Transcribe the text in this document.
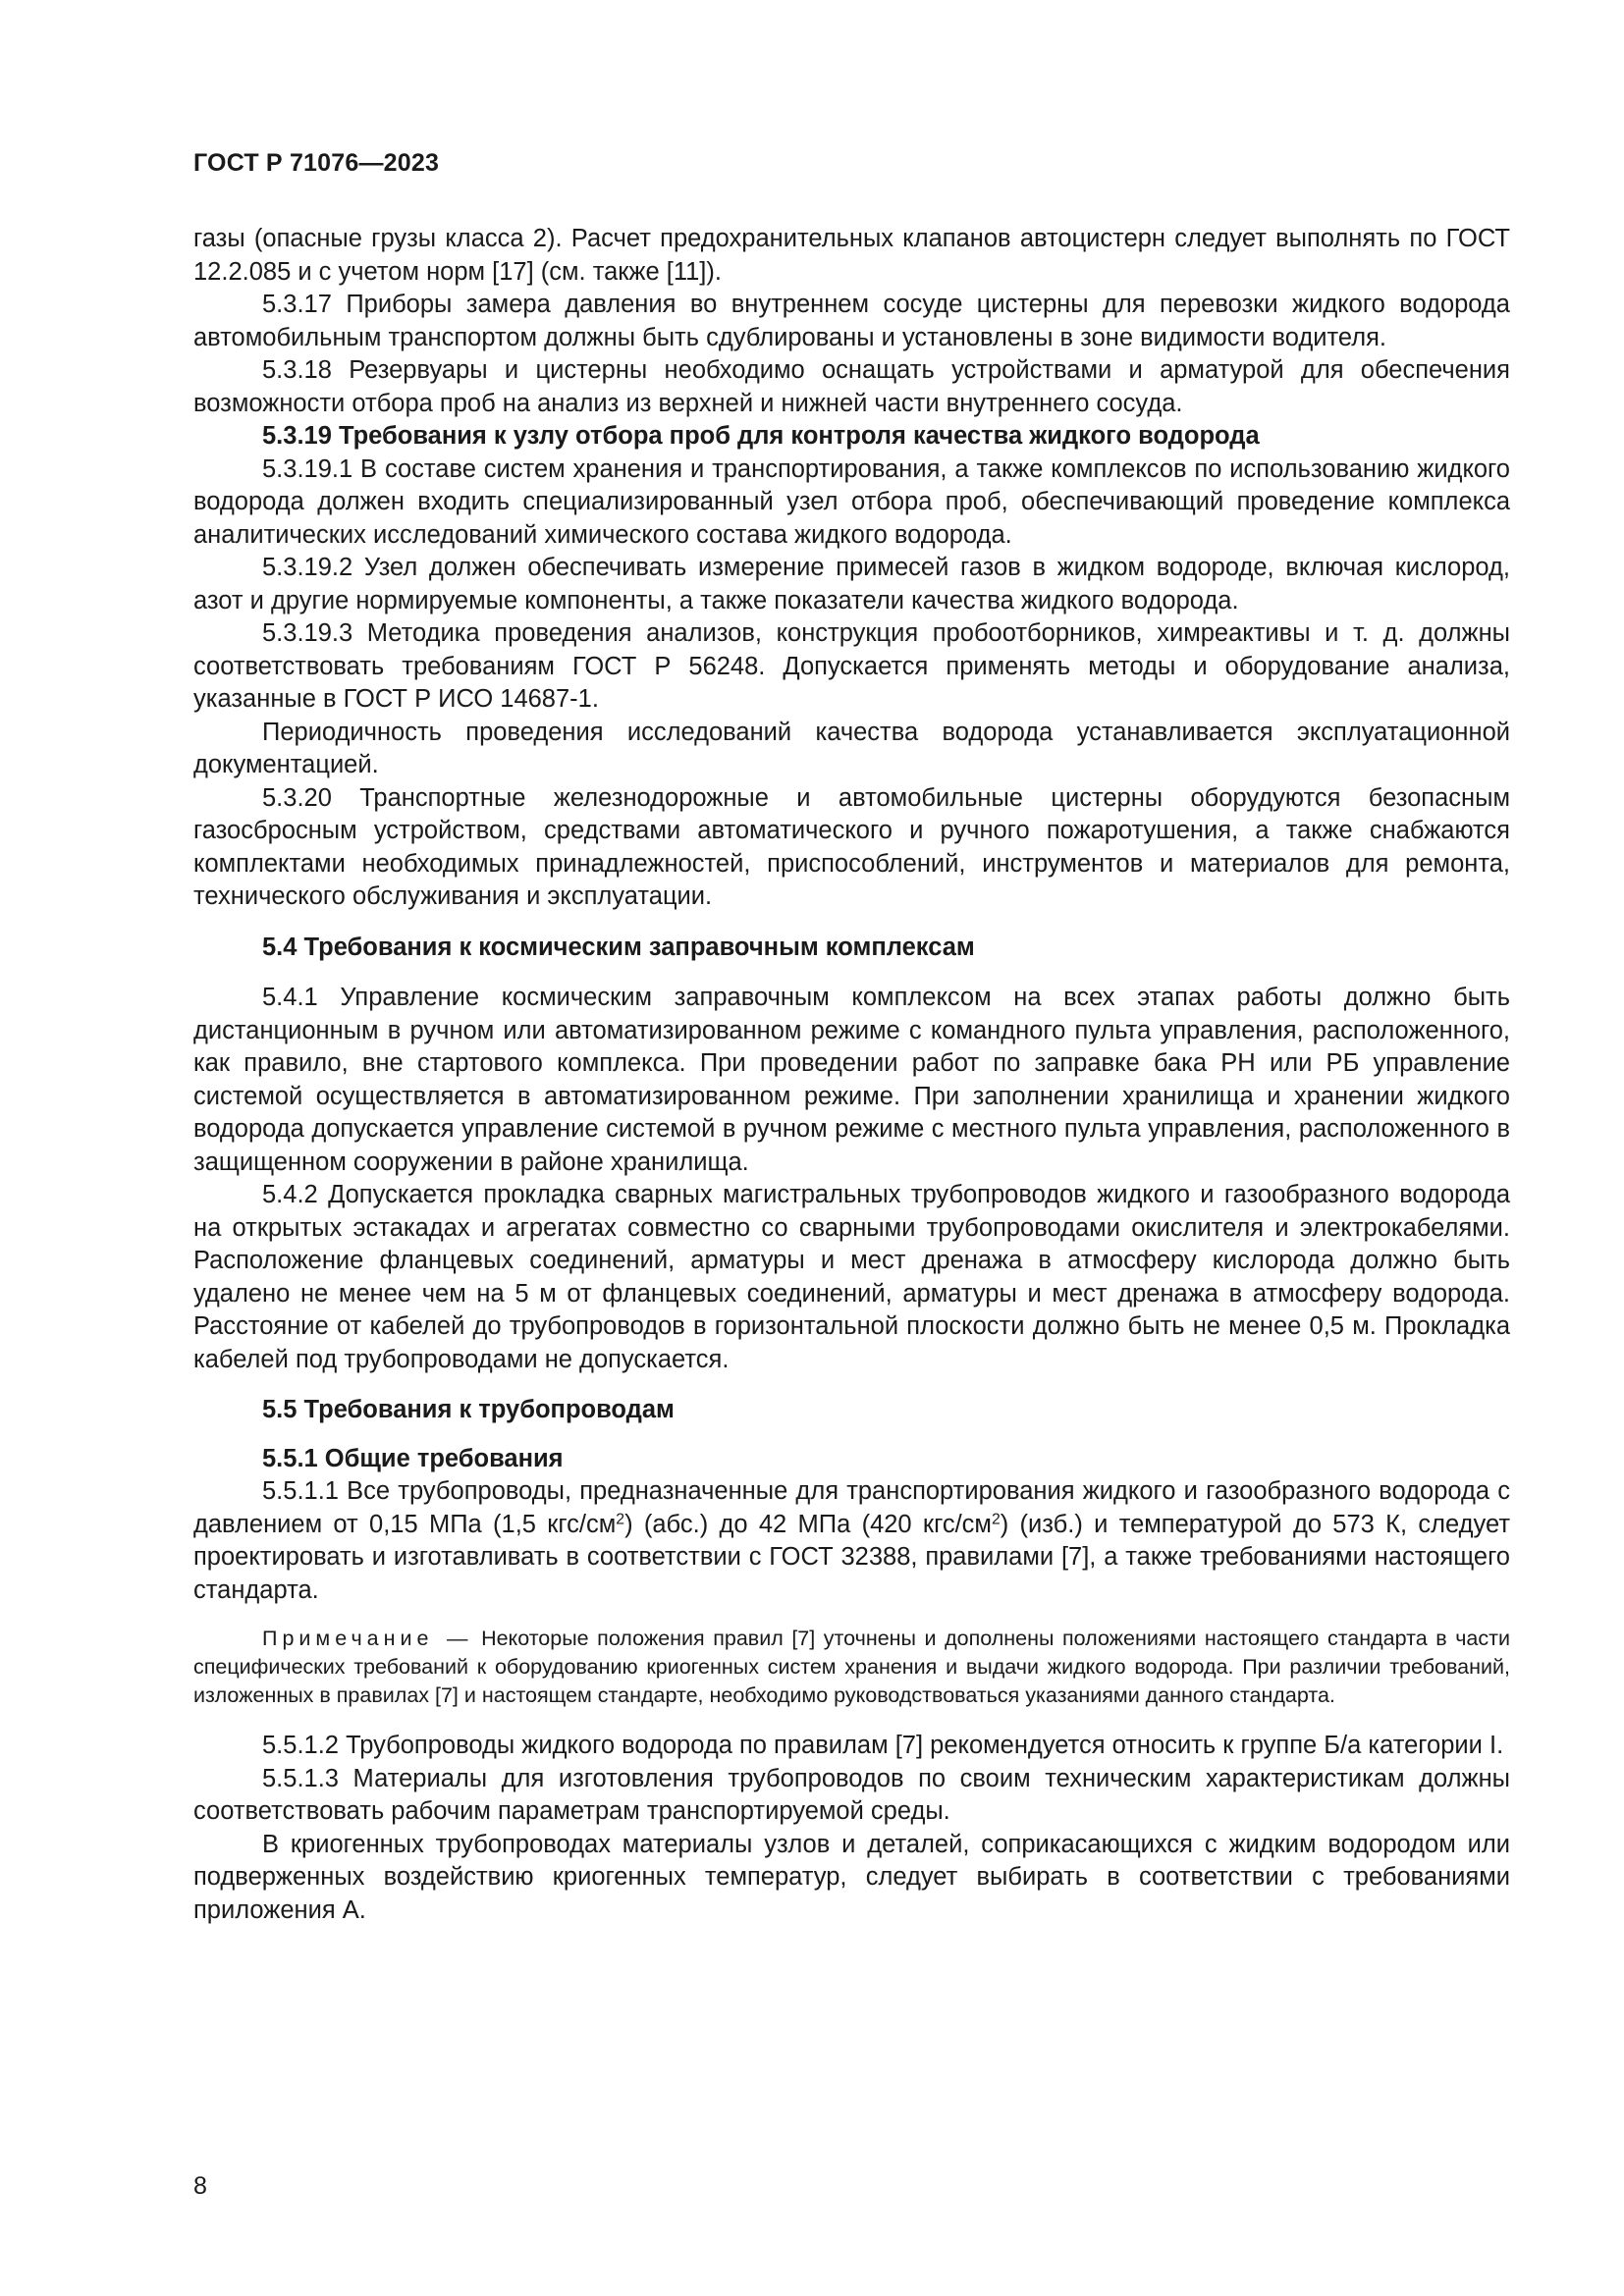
ГОСТ Р 71076—2023

газы (опасные грузы класса 2). Расчет предохранительных клапанов автоцистерн следует выполнять по ГОСТ 12.2.085 и с учетом норм [17] (см. также [11]).

5.3.17 Приборы замера давления во внутреннем сосуде цистерны для перевозки жидкого водорода автомобильным транспортом должны быть сдублированы и установлены в зоне видимости водителя.

5.3.18 Резервуары и цистерны необходимо оснащать устройствами и арматурой для обеспечения возможности отбора проб на анализ из верхней и нижней части внутреннего сосуда.

5.3.19 Требования к узлу отбора проб для контроля качества жидкого водорода

5.3.19.1 В составе систем хранения и транспортирования, а также комплексов по использованию жидкого водорода должен входить специализированный узел отбора проб, обеспечивающий проведение комплекса аналитических исследований химического состава жидкого водорода.

5.3.19.2 Узел должен обеспечивать измерение примесей газов в жидком водороде, включая кислород, азот и другие нормируемые компоненты, а также показатели качества жидкого водорода.

5.3.19.3 Методика проведения анализов, конструкция пробоотборников, химреактивы и т. д. должны соответствовать требованиям ГОСТ Р 56248. Допускается применять методы и оборудование анализа, указанные в ГОСТ Р ИСО 14687-1.

Периодичность проведения исследований качества водорода устанавливается эксплуатационной документацией.

5.3.20 Транспортные железнодорожные и автомобильные цистерны оборудуются безопасным газосбросным устройством, средствами автоматического и ручного пожаротушения, а также снабжаются комплектами необходимых принадлежностей, приспособлений, инструментов и материалов для ремонта, технического обслуживания и эксплуатации.

5.4 Требования к космическим заправочным комплексам

5.4.1 Управление космическим заправочным комплексом на всех этапах работы должно быть дистанционным в ручном или автоматизированном режиме с командного пульта управления, расположенного, как правило, вне стартового комплекса. При проведении работ по заправке бака РН или РБ управление системой осуществляется в автоматизированном режиме. При заполнении хранилища и хранении жидкого водорода допускается управление системой в ручном режиме с местного пульта управления, расположенного в защищенном сооружении в районе хранилища.

5.4.2 Допускается прокладка сварных магистральных трубопроводов жидкого и газообразного водорода на открытых эстакадах и агрегатах совместно со сварными трубопроводами окислителя и электрокабелями. Расположение фланцевых соединений, арматуры и мест дренажа в атмосферу кислорода должно быть удалено не менее чем на 5 м от фланцевых соединений, арматуры и мест дренажа в атмосферу водорода. Расстояние от кабелей до трубопроводов в горизонтальной плоскости должно быть не менее 0,5 м. Прокладка кабелей под трубопроводами не допускается.

5.5 Требования к трубопроводам

5.5.1 Общие требования

5.5.1.1 Все трубопроводы, предназначенные для транспортирования жидкого и газообразного водорода с давлением от 0,15 МПа (1,5 кгс/$см^2$) (абс.) до 42 МПа (420 кгс/$см^2$) (изб.) и температурой до 573 К, следует проектировать и изготавливать в соответствии с ГОСТ 32388, правилами [7], а также требованиями настоящего стандарта.

Примечание — Некоторые положения правил [7] уточнены и дополнены положениями настоящего стандарта в части специфических требований к оборудованию криогенных систем хранения и выдачи жидкого водорода. При различии требований, изложенных в правилах [7] и настоящем стандарте, необходимо руководствоваться указаниями данного стандарта.

5.5.1.2 Трубопроводы жидкого водорода по правилам [7] рекомендуется относить к группе Б/а категории I.

5.5.1.3 Материалы для изготовления трубопроводов по своим техническим характеристикам должны соответствовать рабочим параметрам транспортируемой среды.

В криогенных трубопроводах материалы узлов и деталей, соприкасающихся с жидким водородом или подверженных воздействию криогенных температур, следует выбирать в соответствии с требованиями приложения А.

8
